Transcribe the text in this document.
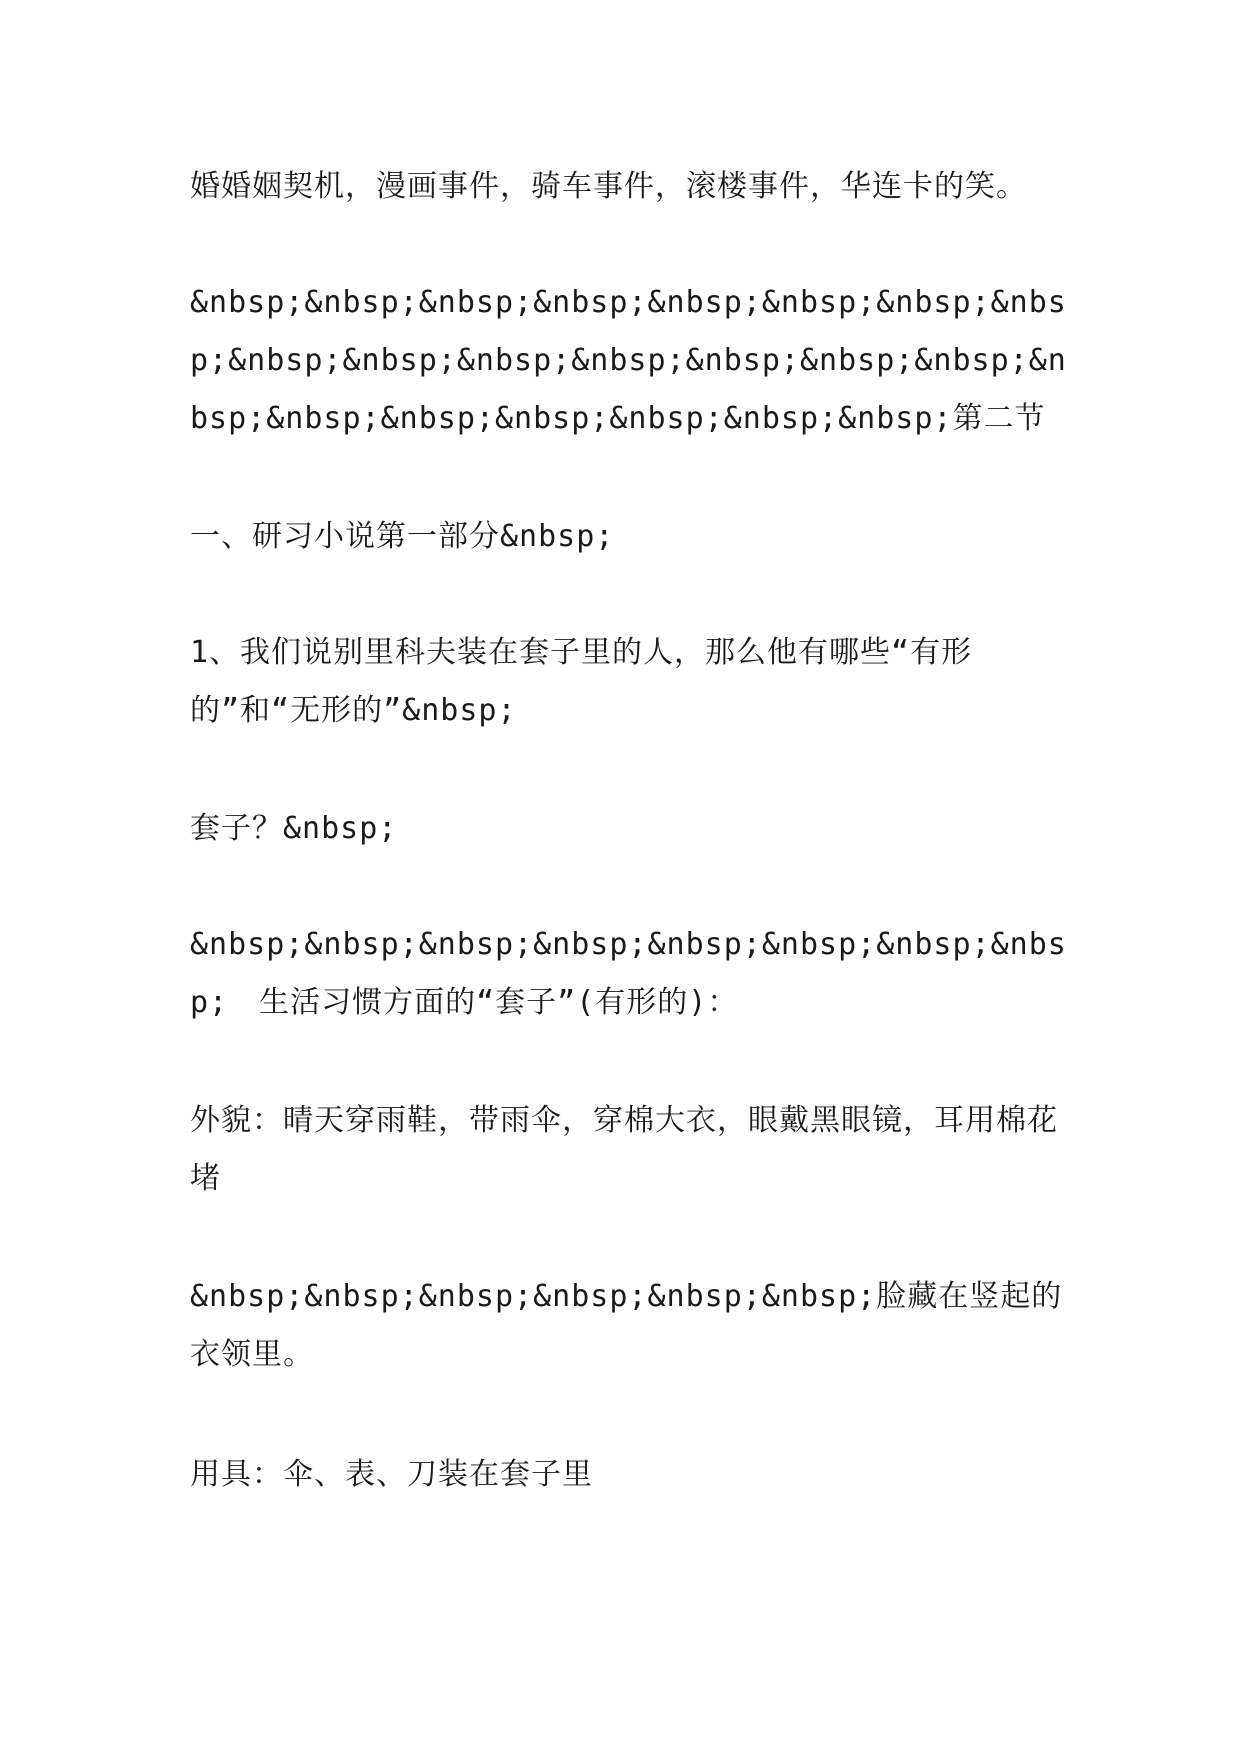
婚婚姻契机，漫画事件，骑车事件，滚楼事件，华连卡的笑。

&nbsp;&nbsp;&nbsp;&nbsp;&nbsp;&nbsp;&nbsp;&nbsp;&nbsp;&nbsp;&nbsp;&nbsp;&nbsp;&nbsp;&nbsp;&nbsp;&nbsp;&nbsp;&nbsp;&nbsp;&nbsp;&nbsp;第二节

一、研习小说第一部分&nbsp;

1、我们说别里科夫装在套子里的人，那么他有哪些“有形的”和“无形的”&nbsp;

套子？&nbsp;

&nbsp;&nbsp;&nbsp;&nbsp;&nbsp;&nbsp;&nbsp;&nbsp;　生活习惯方面的“套子”(有形的)：

外貌：晴天穿雨鞋，带雨伞，穿棉大衣，眼戴黑眼镜，耳用棉花堵

&nbsp;&nbsp;&nbsp;&nbsp;&nbsp;&nbsp;脸藏在竖起的衣领里。

用具：伞、表、刀装在套子里
